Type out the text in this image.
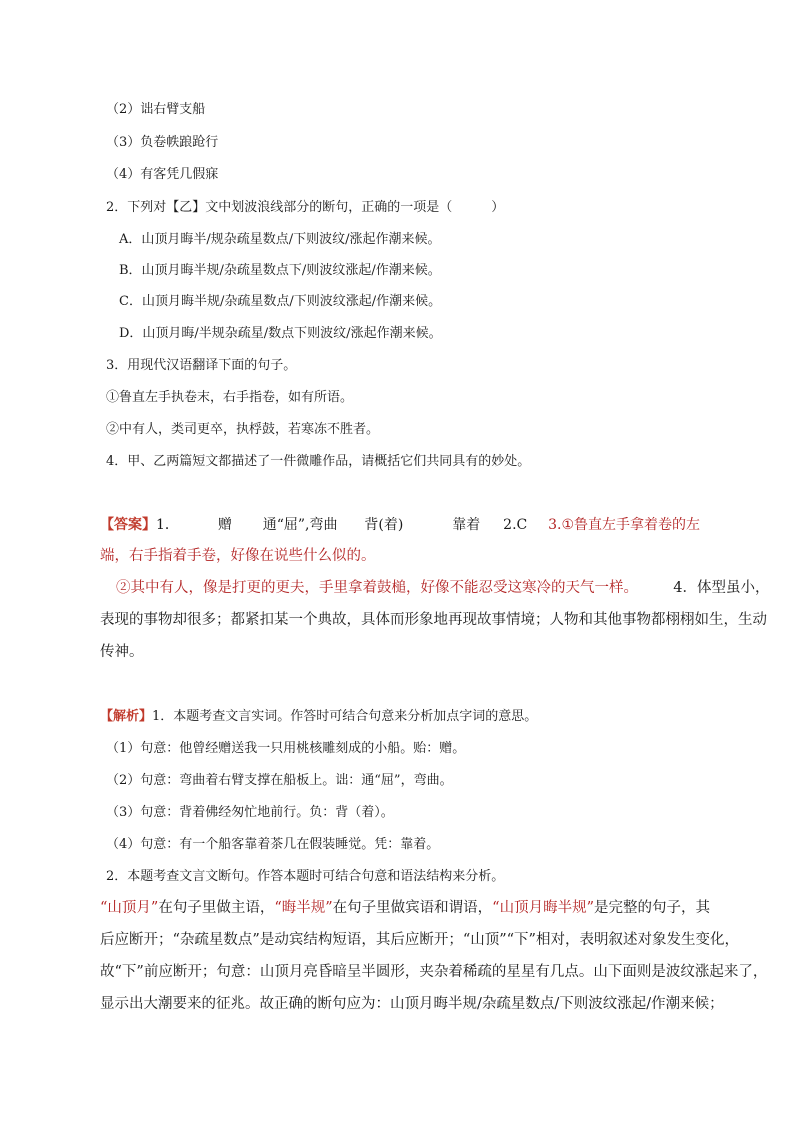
（2）诎右臂支船
（3）负卷帙踉跄行
（4）有客凭几假寐
2．下列对【乙】文中划波浪线部分的断句，正确的一项是（　　　）
A．山顶月晦半/规杂疏星数点/下则波纹/涨起作潮来候。
B．山顶月晦半规/杂疏星数点下/则波纹涨起/作潮来候。
C．山顶月晦半规/杂疏星数点/下则波纹涨起/作潮来候。
D．山顶月晦/半规杂疏星/数点下则波纹/涨起作潮来候。
3．用现代汉语翻译下面的句子。
①鲁直左手执卷末，右手指卷，如有所语。
②中有人，类司更卒，执桴鼓，若寒冻不胜者。
4．甲、乙两篇短文都描述了一件微雕作品，请概括它们共同具有的妙处。
【答案】1．	赠 通“屈”,弯曲 背(着)	靠着 2.C 3.①鲁直左手拿着卷的左
端，右手指着手卷，好像在说些什么似的。
②其中有人，像是打更的更夫，手里拿着鼓槌，好像不能忍受这寒冷的天气一样。 4．体型虽小，
表现的事物却很多；都紧扣某一个典故，具体而形象地再现故事情境；人物和其他事物都栩栩如生，生动
传神。
【解析】1．本题考查文言实词。作答时可结合句意来分析加点字词的意思。
（1）句意：他曾经赠送我一只用桃核雕刻成的小船。贻：赠。
（2）句意：弯曲着右臂支撑在船板上。诎：通“屈”，弯曲。
（3）句意：背着佛经匆忙地前行。负：背（着）。
（4）句意：有一个船客靠着茶几在假装睡觉。凭：靠着。
2．本题考查文言文断句。作答本题时可结合句意和语法结构来分析。
“山顶月”在句子里做主语，“晦半规”在句子里做宾语和谓语，“山顶月晦半规”是完整的句子，其
后应断开；“杂疏星数点”是动宾结构短语，其后应断开；“山顶”“下”相对，表明叙述对象发生变化，
故“下”前应断开；句意：山顶月亮昏暗呈半圆形，夹杂着稀疏的星星有几点。山下面则是波纹涨起来了，
显示出大潮要来的征兆。故正确的断句应为：山顶月晦半规/杂疏星数点/下则波纹涨起/作潮来候；
